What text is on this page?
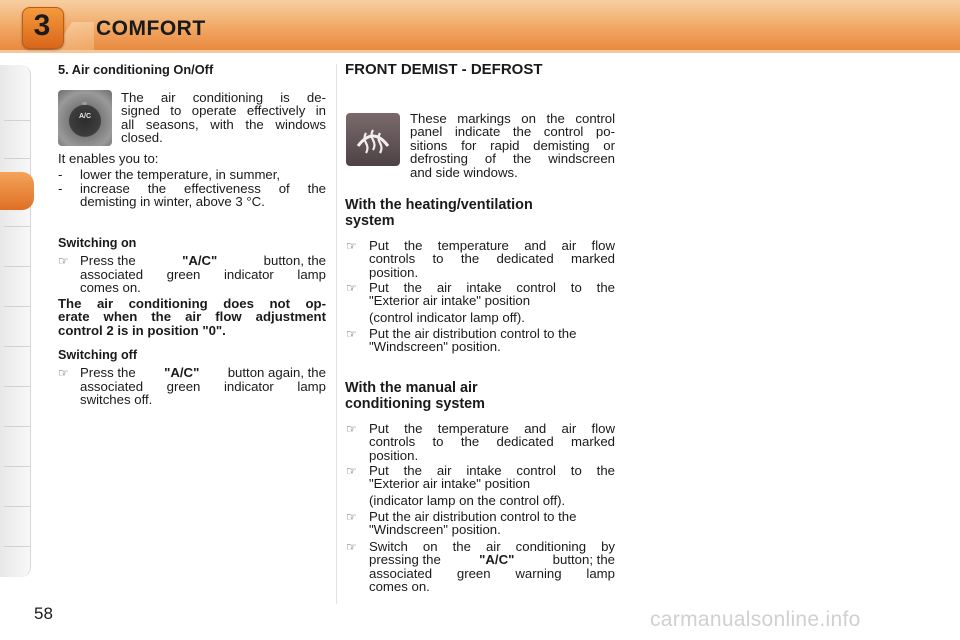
3	COMFORT
5. Air conditioning On/Off
A/C
The air conditioning is de-
signed to operate effectively in
all seasons, with the windows
closed.
It enables you to:
- lower the temperature, in summer,
- increase the effectiveness of the
demisting in winter, above 3 °C.
Switching on
☞ Press the	"A/C"	button, the
associated green indicator lamp
comes on.
The air conditioning does not op-
erate when the air flow adjustment
control 2 is in position "0".
Switching off
☞ Press the "A/C" button again, the
associated green indicator lamp
switches off.
FRONT DEMIST - DEFROST
These markings on the control
panel indicate the control po-
sitions for rapid demisting or
defrosting of the windscreen
and side windows.
With the heating/ventilation
system
☞ Put the temperature and air flow
controls to the dedicated marked
position.
☞ Put the air intake control to the
"Exterior air intake" position
(control indicator lamp off).
☞ Put the air distribution control to the
"Windscreen" position.
With the manual air
conditioning system
☞ Put the temperature and air flow
controls to the dedicated marked
position.
☞ Put the air intake control to the
"Exterior air intake" position
(indicator lamp on the control off).
☞ Put the air distribution control to the
"Windscreen" position.
☞ Switch on the air conditioning by
pressing the	"A/C"	button; the
associated green warning lamp
comes on.
58	carmanualsonline.info
